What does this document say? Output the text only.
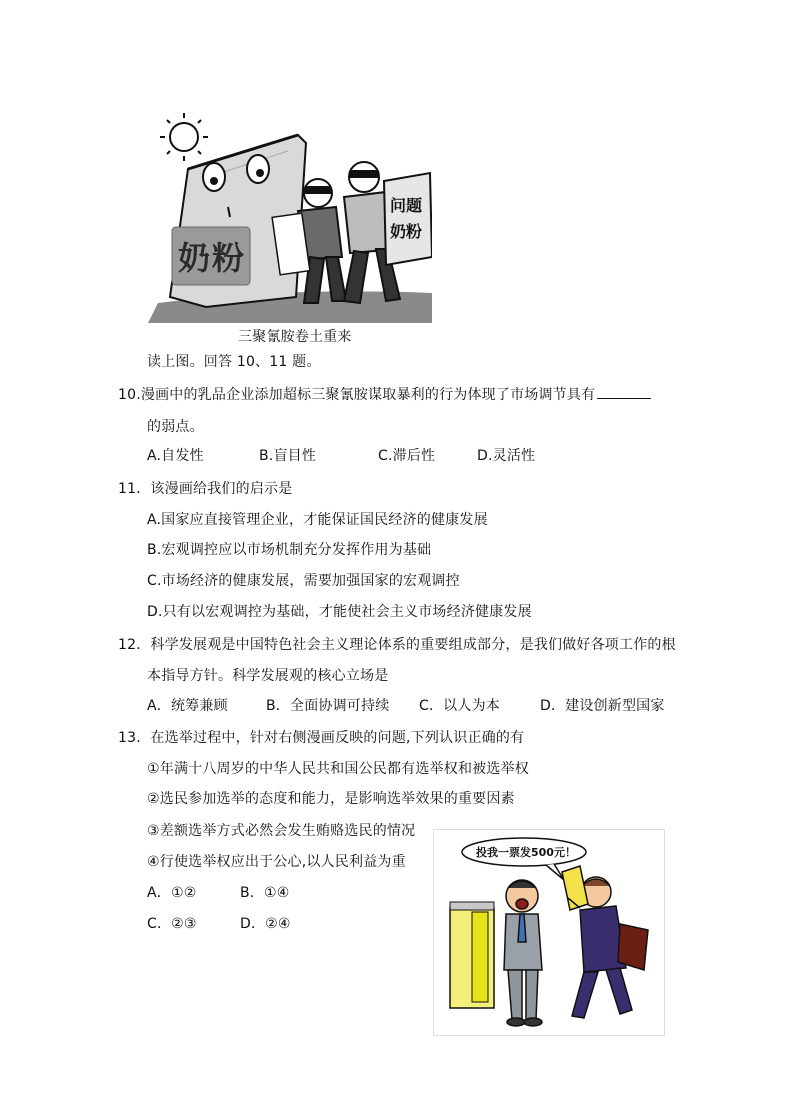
奶粉
问题
奶粉
三聚氰胺卷土重来
读上图。回答 10、11 题。
10.漫画中的乳品企业添加超标三聚氰胺谋取暴利的行为体现了市场调节具有
的弱点。
A.自发性	B.盲目性	C.滞后性	D.灵活性
11．该漫画给我们的启示是
A.国家应直接管理企业，才能保证国民经济的健康发展
B.宏观调控应以市场机制充分发挥作用为基础
C.市场经济的健康发展，需要加强国家的宏观调控
D.只有以宏观调控为基础，才能使社会主义市场经济健康发展
12．科学发展观是中国特色社会主义理论体系的重要组成部分，是我们做好各项工作的根
本指导方针。科学发展观的核心立场是
A．统筹兼顾	B．全面协调可持续 C．以人为本	D．建设创新型国家
13．在选举过程中，针对右侧漫画反映的问题,下列认识正确的有
①年满十八周岁的中华人民共和国公民都有选举权和被选举权
②选民参加选举的态度和能力，是影响选举效果的重要因素
③差额选举方式必然会发生贿赂选民的情况
④行使选举权应出于公心,以人民利益为重
A．①②	B．①④
C．②③	D．②④
投我一票发500元！
